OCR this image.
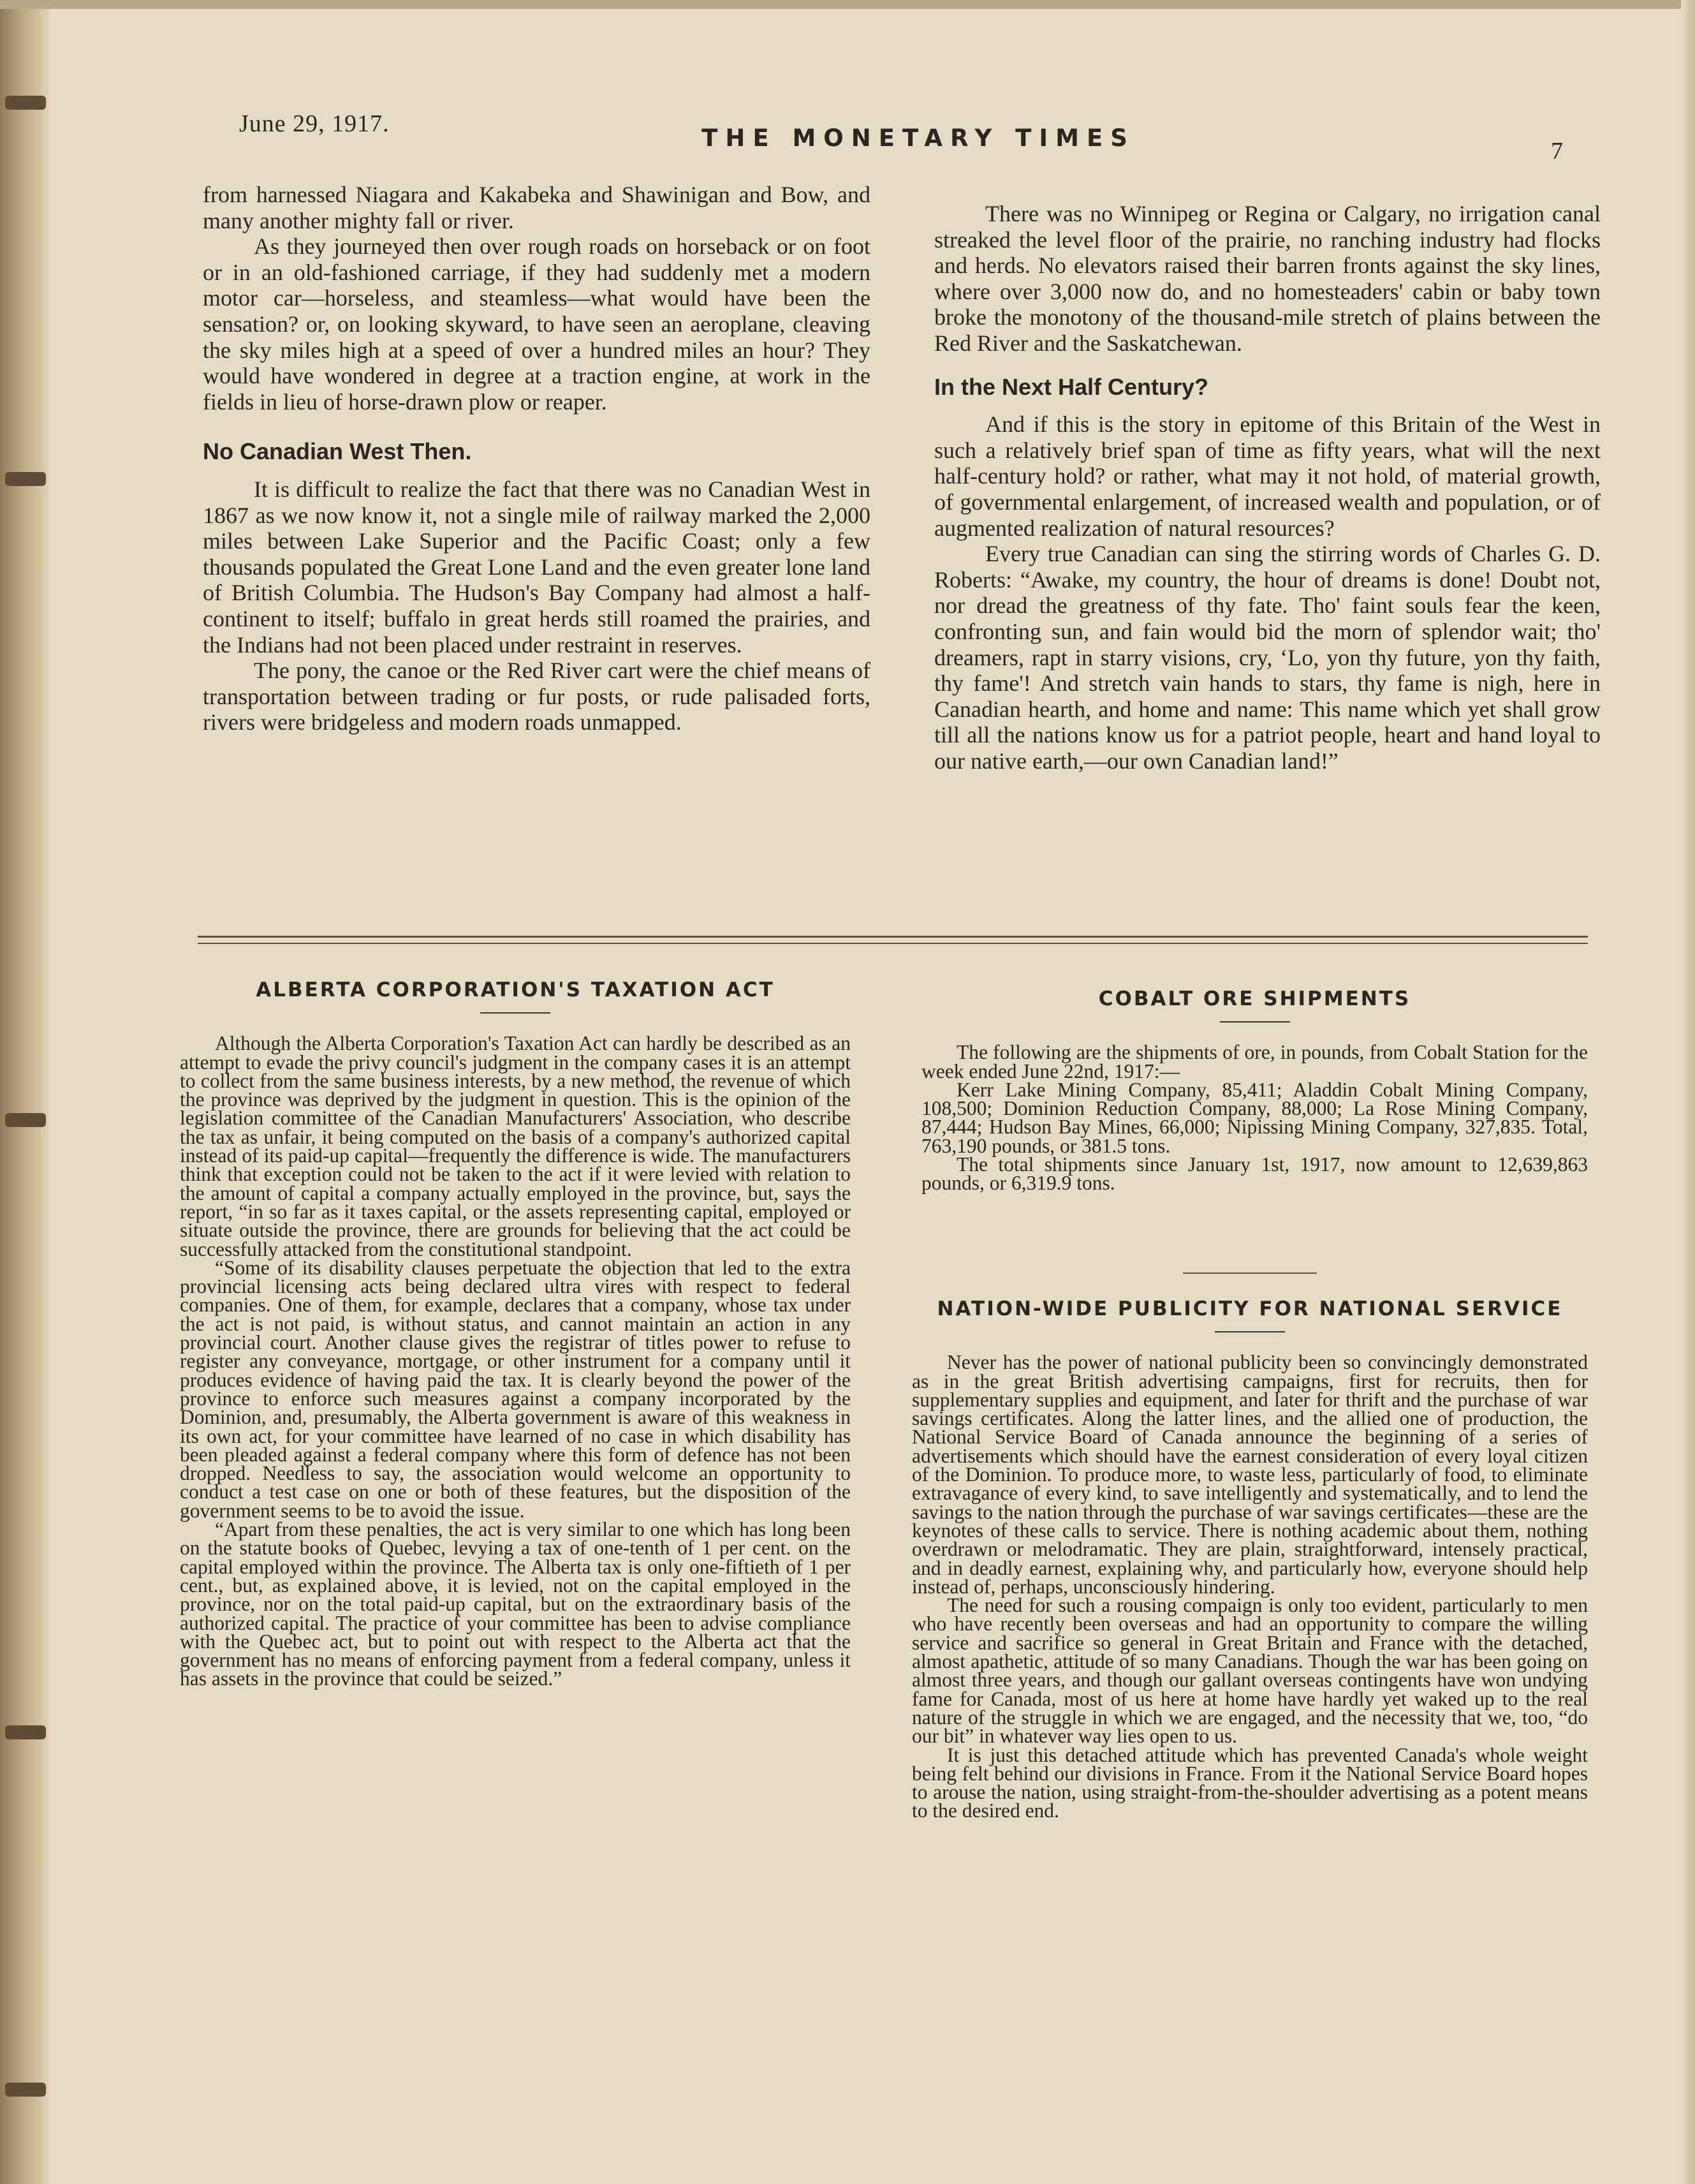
June 29, 1917.
THE MONETARY TIMES	7

from harnessed Niagara and Kakabeka and Shawinigan and Bow, and many another mighty fall or river.

As they journeyed then over rough roads on horseback or on foot or in an old-fashioned carriage, if they had suddenly met a modern motor car—horseless, and steamless—what would have been the sensation? or, on looking skyward, to have seen an aeroplane, cleaving the sky miles high at a speed of over a hundred miles an hour? They would have wondered in degree at a traction engine, at work in the fields in lieu of horse-drawn plow or reaper.

No Canadian West Then.

It is difficult to realize the fact that there was no Canadian West in 1867 as we now know it, not a single mile of railway marked the 2,000 miles between Lake Superior and the Pacific Coast; only a few thousands populated the Great Lone Land and the even greater lone land of British Columbia. The Hudson's Bay Company had almost a half-continent to itself; buffalo in great herds still roamed the prairies, and the Indians had not been placed under restraint in reserves.

The pony, the canoe or the Red River cart were the chief means of transportation between trading or fur posts, or rude palisaded forts, rivers were bridgeless and modern roads unmapped.

There was no Winnipeg or Regina or Calgary, no irrigation canal streaked the level floor of the prairie, no ranching industry had flocks and herds. No elevators raised their barren fronts against the sky lines, where over 3,000 now do, and no homesteaders' cabin or baby town broke the monotony of the thousand-mile stretch of plains between the Red River and the Saskatchewan.

In the Next Half Century?

And if this is the story in epitome of this Britain of the West in such a relatively brief span of time as fifty years, what will the next half-century hold? or rather, what may it not hold, of material growth, of governmental enlargement, of increased wealth and population, or of augmented realization of natural resources?

Every true Canadian can sing the stirring words of Charles G. D. Roberts: “Awake, my country, the hour of dreams is done! Doubt not, nor dread the greatness of thy fate. Tho' faint souls fear the keen, confronting sun, and fain would bid the morn of splendor wait; tho' dreamers, rapt in starry visions, cry, ‘Lo, yon thy future, yon thy faith, thy fame'! And stretch vain hands to stars, thy fame is nigh, here in Canadian hearth, and home and name: This name which yet shall grow till all the nations know us for a patriot people, heart and hand loyal to our native earth,—our own Canadian land!”

ALBERTA CORPORATION'S TAXATION ACT

Although the Alberta Corporation's Taxation Act can hardly be described as an attempt to evade the privy council's judgment in the company cases it is an attempt to collect from the same business interests, by a new method, the revenue of which the province was deprived by the judgment in question. This is the opinion of the legislation committee of the Canadian Manufacturers' Association, who describe the tax as unfair, it being computed on the basis of a company's authorized capital instead of its paid-up capital—frequently the difference is wide. The manufacturers think that exception could not be taken to the act if it were levied with relation to the amount of capital a company actually employed in the province, but, says the report, “in so far as it taxes capital, or the assets representing capital, employed or situate outside the province, there are grounds for believing that the act could be successfully attacked from the constitutional standpoint.

“Some of its disability clauses perpetuate the objection that led to the extra provincial licensing acts being declared ultra vires with respect to federal companies. One of them, for example, declares that a company, whose tax under the act is not paid, is without status, and cannot maintain an action in any provincial court. Another clause gives the registrar of titles power to refuse to register any conveyance, mortgage, or other instrument for a company until it produces evidence of having paid the tax. It is clearly beyond the power of the province to enforce such measures against a company incorporated by the Dominion, and, presumably, the Alberta government is aware of this weakness in its own act, for your committee have learned of no case in which disability has been pleaded against a federal company where this form of defence has not been dropped. Needless to say, the association would welcome an opportunity to conduct a test case on one or both of these features, but the disposition of the government seems to be to avoid the issue.

“Apart from these penalties, the act is very similar to one which has long been on the statute books of Quebec, levying a tax of one-tenth of 1 per cent. on the capital employed within the province. The Alberta tax is only one-fiftieth of 1 per cent., but, as explained above, it is levied, not on the capital employed in the province, nor on the total paid-up capital, but on the extraordinary basis of the authorized capital. The practice of your committee has been to advise compliance with the Quebec act, but to point out with respect to the Alberta act that the government has no means of enforcing payment from a federal company, unless it has assets in the province that could be seized.”

COBALT ORE SHIPMENTS

The following are the shipments of ore, in pounds, from Cobalt Station for the week ended June 22nd, 1917:—

Kerr Lake Mining Company, 85,411; Aladdin Cobalt Mining Company, 108,500; Dominion Reduction Company, 88,000; La Rose Mining Company, 87,444; Hudson Bay Mines, 66,000; Nipissing Mining Company, 327,835. Total, 763,190 pounds, or 381.5 tons.

The total shipments since January 1st, 1917, now amount to 12,639,863 pounds, or 6,319.9 tons.

NATION-WIDE PUBLICITY FOR NATIONAL SERVICE

Never has the power of national publicity been so convincingly demonstrated as in the great British advertising campaigns, first for recruits, then for supplementary supplies and equipment, and later for thrift and the purchase of war savings certificates. Along the latter lines, and the allied one of production, the National Service Board of Canada announce the beginning of a series of advertisements which should have the earnest consideration of every loyal citizen of the Dominion. To produce more, to waste less, particularly of food, to eliminate extravagance of every kind, to save intelligently and systematically, and to lend the savings to the nation through the purchase of war savings certificates—these are the keynotes of these calls to service. There is nothing academic about them, nothing overdrawn or melodramatic. They are plain, straightforward, intensely practical, and in deadly earnest, explaining why, and particularly how, everyone should help instead of, perhaps, unconsciously hindering.

The need for such a rousing compaign is only too evident, particularly to men who have recently been overseas and had an opportunity to compare the willing service and sacrifice so general in Great Britain and France with the detached, almost apathetic, attitude of so many Canadians. Though the war has been going on almost three years, and though our gallant overseas contingents have won undying fame for Canada, most of us here at home have hardly yet waked up to the real nature of the struggle in which we are engaged, and the necessity that we, too, “do our bit” in whatever way lies open to us.

It is just this detached attitude which has prevented Canada's whole weight being felt behind our divisions in France. From it the National Service Board hopes to arouse the nation, using straight-from-the-shoulder advertising as a potent means to the desired end.
